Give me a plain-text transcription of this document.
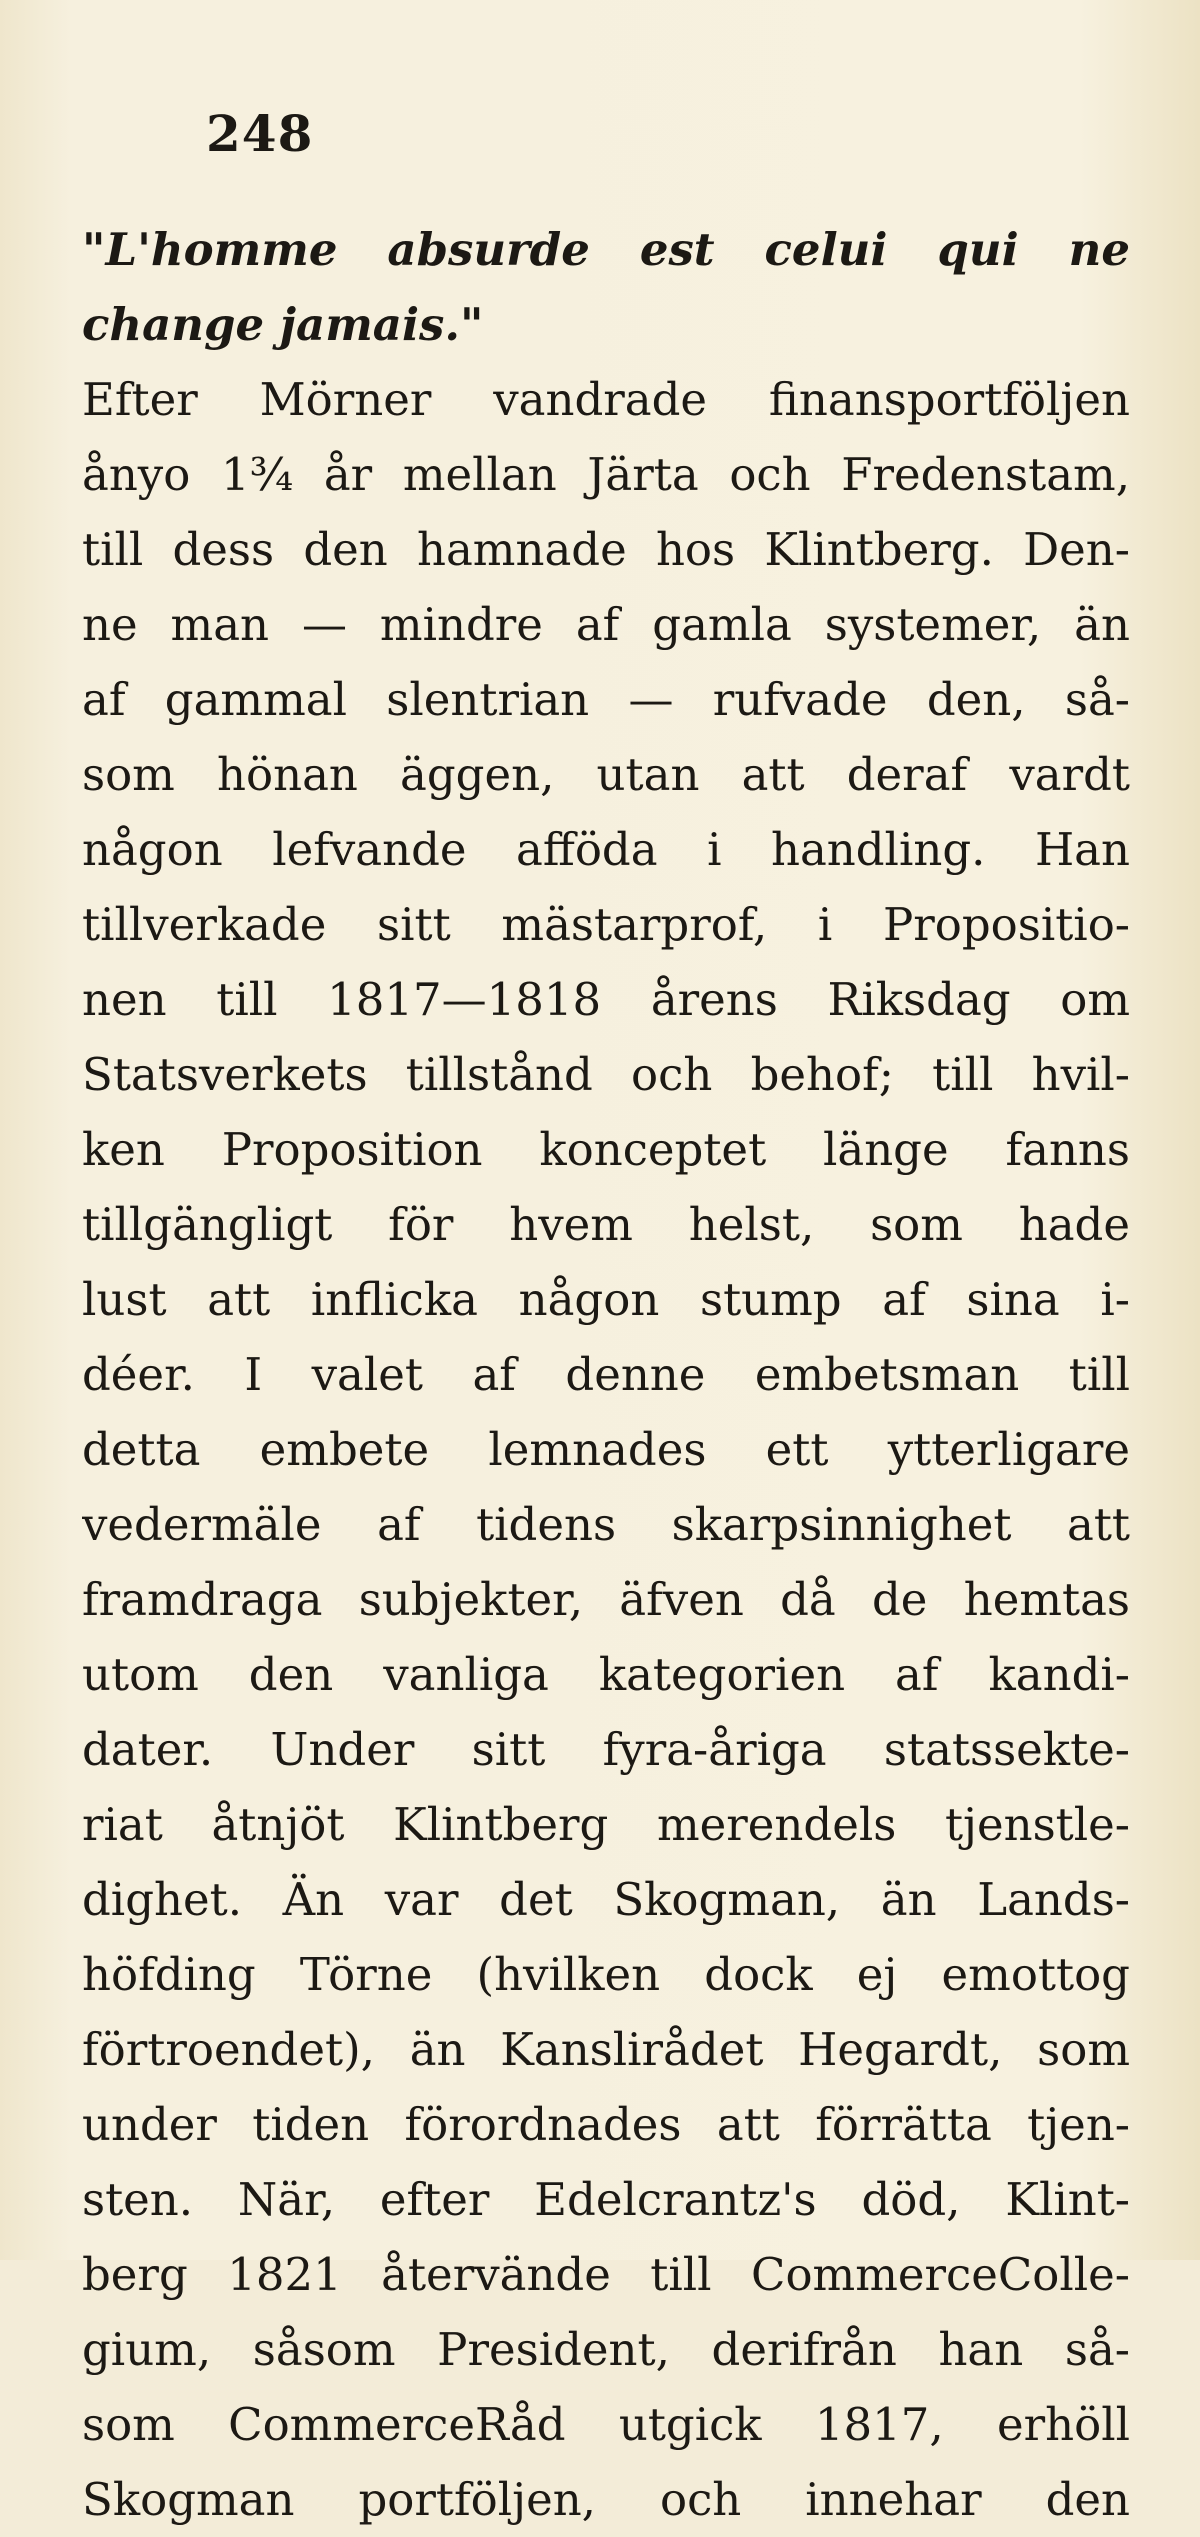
248
"L'homme absurde est celui qui ne
change jamais."
Efter Mörner vandrade finansportföljen
ånyo 1¾ år mellan Järta och Fredenstam,
till dess den hamnade hos Klintberg. Den-
ne man — mindre af gamla systemer, än
af gammal slentrian — rufvade den, så-
som hönan äggen, utan att deraf vardt
någon lefvande afföda i handling. Han
tillverkade sitt mästarprof, i Propositio-
nen till 1817—1818 årens Riksdag om
Statsverkets tillstånd och behof; till hvil-
ken Proposition konceptet länge fanns
tillgängligt för hvem helst, som hade
lust att inflicka någon stump af sina i-
déer. I valet af denne embetsman till
detta embete lemnades ett ytterligare
vedermäle af tidens skarpsinnighet att
framdraga subjekter, äfven då de hemtas
utom den vanliga kategorien af kandi-
dater. Under sitt fyra-åriga statssekte-
riat åtnjöt Klintberg merendels tjenstle-
dighet. Än var det Skogman, än Lands-
höfding Törne (hvilken dock ej emottog
förtroendet), än Kanslirådet Hegardt, som
under tiden förordnades att förrätta tjen-
sten. När, efter Edelcrantz's död, Klint-
berg 1821 återvände till CommerceColle-
gium, såsom President, derifrån han så-
som CommerceRåd utgick 1817, erhöll
Skogman portföljen, och innehar den
